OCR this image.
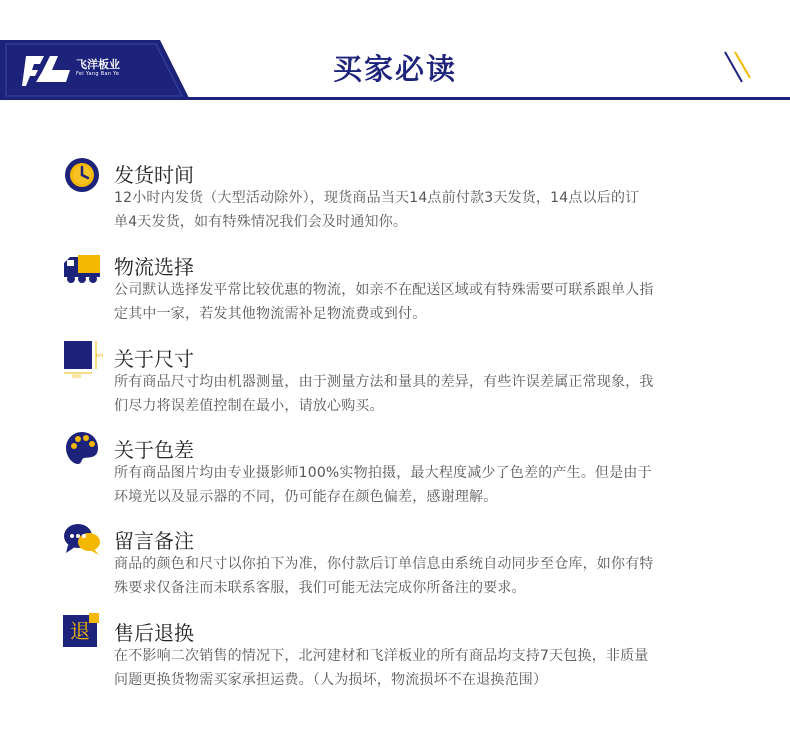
飞洋板业
Fei Yang Ban Ye	买家必读
发货时间
12小时内发货（大型活动除外），现货商品当天14点前付款3天发货，14点以后的订
单4天发货，如有特殊情况我们会及时通知你。
物流选择
公司默认选择发平常比较优惠的物流，如亲不在配送区域或有特殊需要可联系跟单人指
定其中一家，若发其他物流需补足物流费或到付。
H/H
W/W
关于尺寸
所有商品尺寸均由机器测量，由于测量方法和量具的差异，有些许误差属正常现象，我
们尽力将误差值控制在最小，请放心购买。
关于色差
所有商品图片均由专业摄影师100%实物拍摄，最大程度减少了色差的产生。但是由于
环境光以及显示器的不同，仍可能存在颜色偏差，感谢理解。
留言备注
商品的颜色和尺寸以你拍下为准，你付款后订单信息由系统自动同步至仓库，如你有特
殊要求仅备注而未联系客服，我们可能无法完成你所备注的要求。
退	售后退换
在不影响二次销售的情况下，北河建材和飞洋板业的所有商品均支持7天包换，非质量
问题更换货物需买家承担运费。（人为损坏，物流损坏不在退换范围）
